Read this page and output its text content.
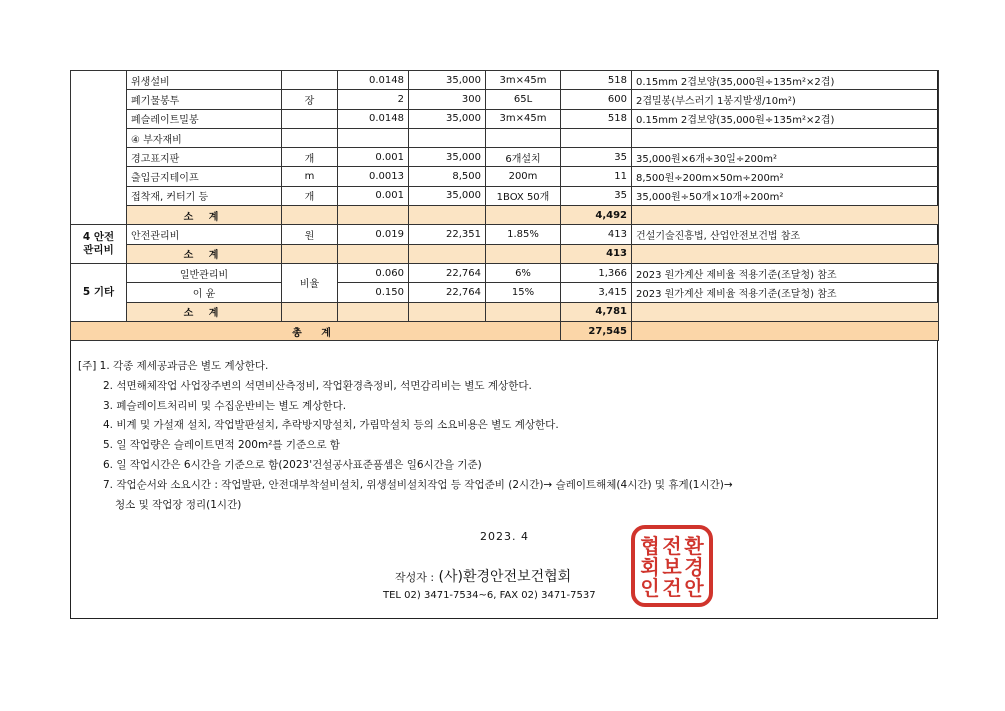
	위생설비		0.0148	35,000	3m×45m	518	0.15mm 2겹보양(35,000원÷135m²×2겹)
	폐기물봉투	장	2	300	65L	600	2겹밀봉(부스러기 1봉지발생/10m²)
	폐슬레이트밀봉		0.0148	35,000	3m×45m	518	0.15mm 2겹보양(35,000원÷135m²×2겹)
	④ 부자재비						
	경고표지판	개	0.001	35,000	6개설치	35	35,000원×6개÷30일÷200m²
	출입금지테이프	m	0.0013	8,500	200m	11	8,500원÷200m×50m÷200m²
	접착재, 커터기 등	개	0.001	35,000	1BOX 50개	35	35,000원÷50개×10개÷200m²
	소 계					4,492	
4 안전
관리비	안전관리비	원	0.019	22,351	1.85%	413	건설기술진흥법, 산업안전보건법 참조
	소 계					413	
5 기타	일반관리비	비율	0.060	22,764	6%	1,366	2023 원가계산 제비율 적용기준(조달청) 참조
	이 윤		0.150	22,764	15%	3,415	2023 원가계산 제비율 적용기준(조달청) 참조
	소 계					4,781	
총 계						27,545	
[주] 1. 각종 제세공과금은 별도 계상한다.
2. 석면해체작업 사업장주변의 석면비산측정비, 작업환경측정비, 석면감리비는 별도 계상한다.
3. 폐슬레이트처리비 및 수집운반비는 별도 계상한다.
4. 비계 및 가설재 설치, 작업발판설치, 추락방지망설치, 가림막설치 등의 소요비용은 별도 계상한다.
5. 일 작업량은 슬레이트면적 200m²를 기준으로 함
6. 일 작업시간은 6시간을 기준으로 함(2023'건설공사표준품셈은 일6시간을 기준)
7. 작업순서와 소요시간 : 작업발판, 안전대부착설비설치, 위생설비설치작업 등 작업준비 (2시간)→ 슬레이트해체(4시간) 및 휴게(1시간)→
청소 및 작업장 정리(1시간)
2023. 4
작성자 : (사)환경안전보건협회
TEL 02) 3471-7534~6, FAX 02) 3471-7537
환
경
안
전
보
건
협
회
인
